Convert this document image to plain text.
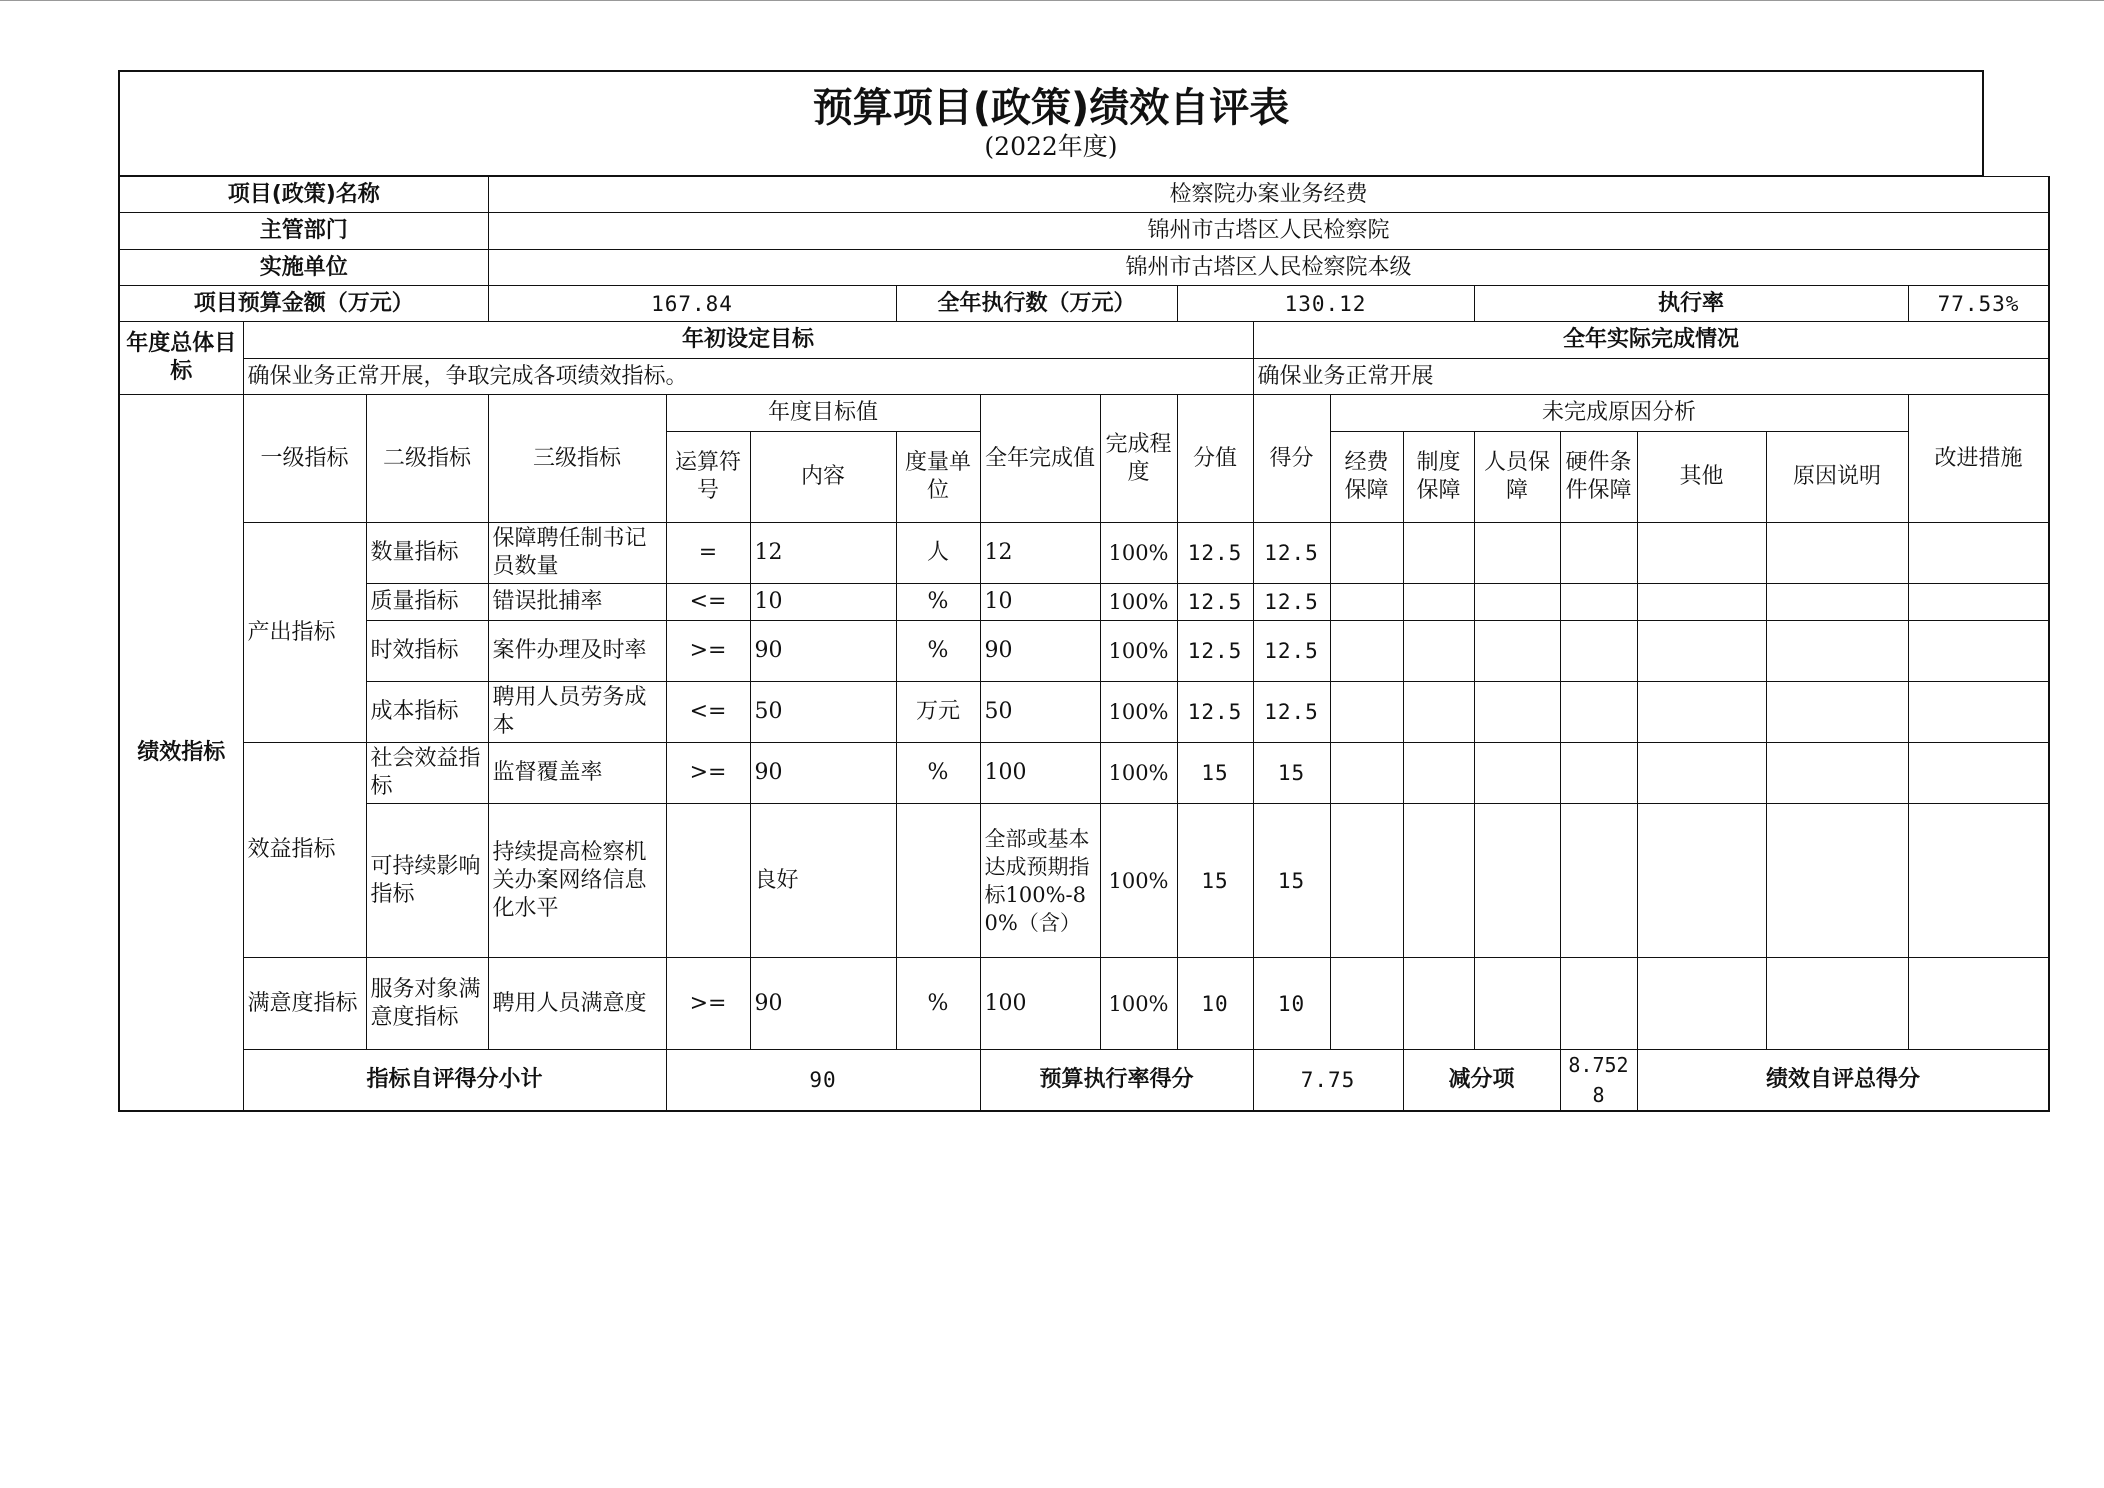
预算项目(政策)绩效自评表
(2022年度)
项目(政策)名称			检察院办案业务经费															
主管部门			锦州市古塔区人民检察院															
实施单位			锦州市古塔区人民检察院本级															
项目预算金额（万元）			167.84			全年执行数（万元）			130.12				执行率				77.53%	
年度总体目标	年初设定目标									全年实际完成情况								
	确保业务正常开展，争取完成各项绩效指标。									确保业务正常开展								
绩效指标	一级指标	二级指标	三级指标	年度目标值			全年完成值	完成程度	分值	得分	未完成原因分析						改进措施	
				运算符号	内容	度量单位					经费保障	制度保障	人员保障	硬件条件保障	其他	原因说明		
	产出指标	数量指标	保障聘任制书记员数量	=	12	人	12	100%	12.5	12.5								
		质量指标	错误批捕率	<=	10	%	10	100%	12.5	12.5								
		时效指标	案件办理及时率	>=	90	%	90	100%	12.5	12.5								
		成本指标	聘用人员劳务成本	<=	50	万元	50	100%	12.5	12.5								
	效益指标	社会效益指标	监督覆盖率	>=	90	%	100	100%	15	15								
		可持续影响指标	持续提高检察机关办案网络信息化水平		良好		全部或基本达成预期指标100%-80%（含）	100%	15	15								
	满意度指标	服务对象满意度指标	聘用人员满意度	>=	90	%	100	100%	10	10								
	指标自评得分小计			90			预算执行率得分			7.75		减分项		8.7528	绩效自评总得分	
